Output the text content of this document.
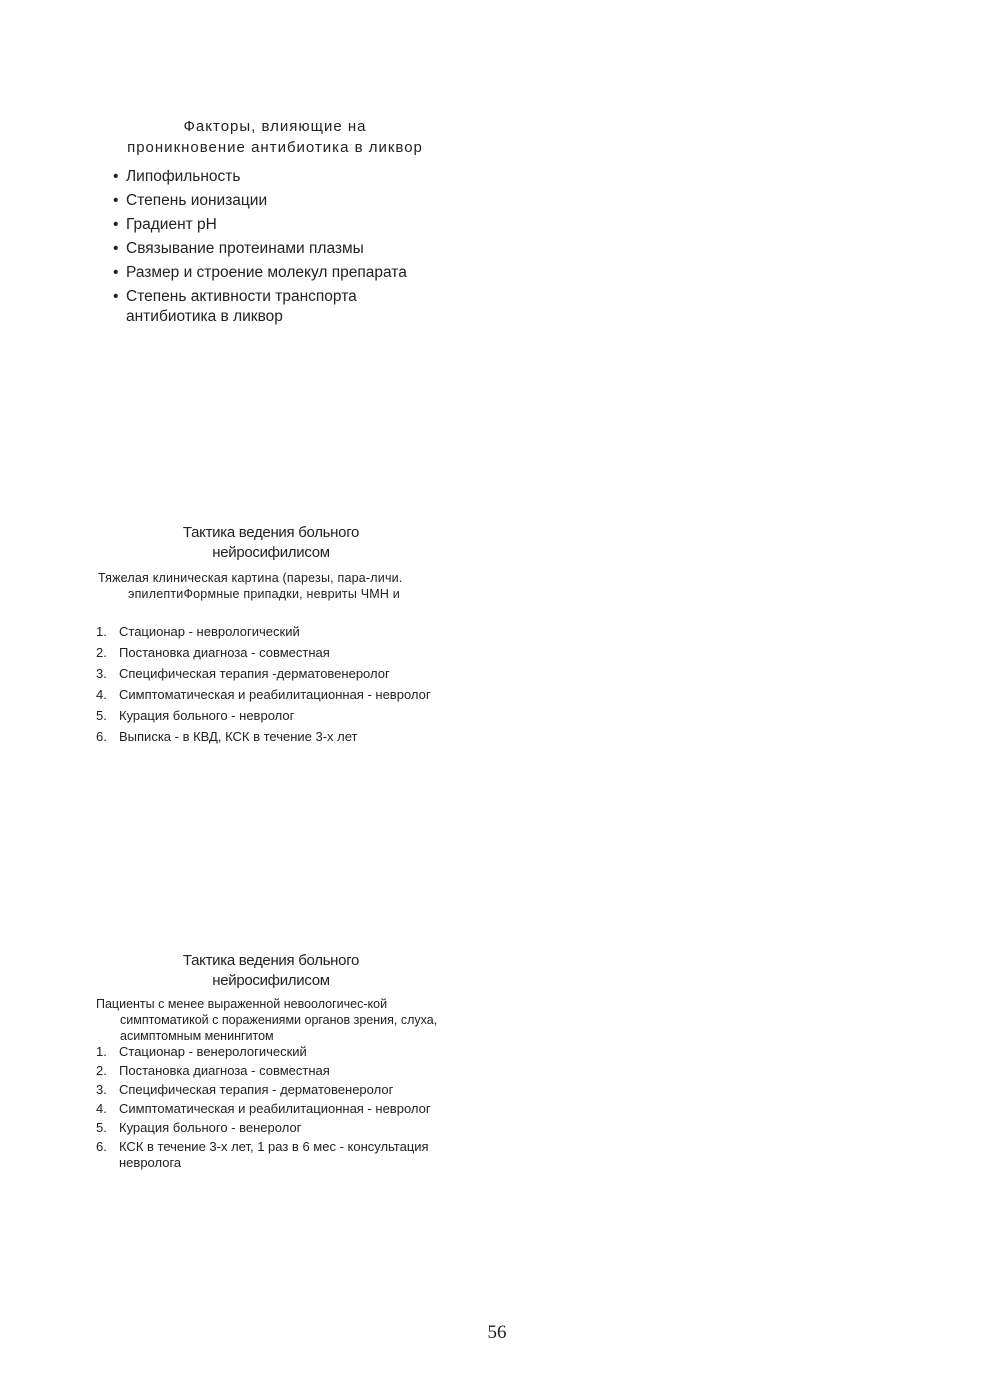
Факторы, влияющие на
проникновение антибиотика в ликвор
• Липофильность
• Степень ионизации
• Градиент pH
• Связывание протеинами плазмы
• Размер и строение молекул препарата
• Степень активности транспорта антибиотика в ликвор
Тактика ведения больного
нейросифилисом

Тяжелая клиническая картина (парезы, пара-личи. эпилептиФормные припадки, невриты ЧМН и

1. Стационар - неврологический
2. Постановка диагноза - совместная
3. Специфическая терапия -дерматовенеролог
4. Симптоматическая и реабилитационная - невролог
5. Курация больного - невролог
6. Выписка - в КВД, КСК в течение 3-х лет
Тактика ведения больного
нейросифилисом

Пациенты с менее выраженной невоологичес-кой симптоматикой с поражениями органов зрения, слуха, асимптомным менингитом

1. Стационар - венерологический
2. Постановка диагноза - совместная
3. Специфическая терапия - дерматовенеролог
4. Симптоматическая и реабилитационная - невролог
5. Курация больного - венеролог
6. КСК в течение 3-х лет, 1 раз в 6 мес - консультация невролога
56
